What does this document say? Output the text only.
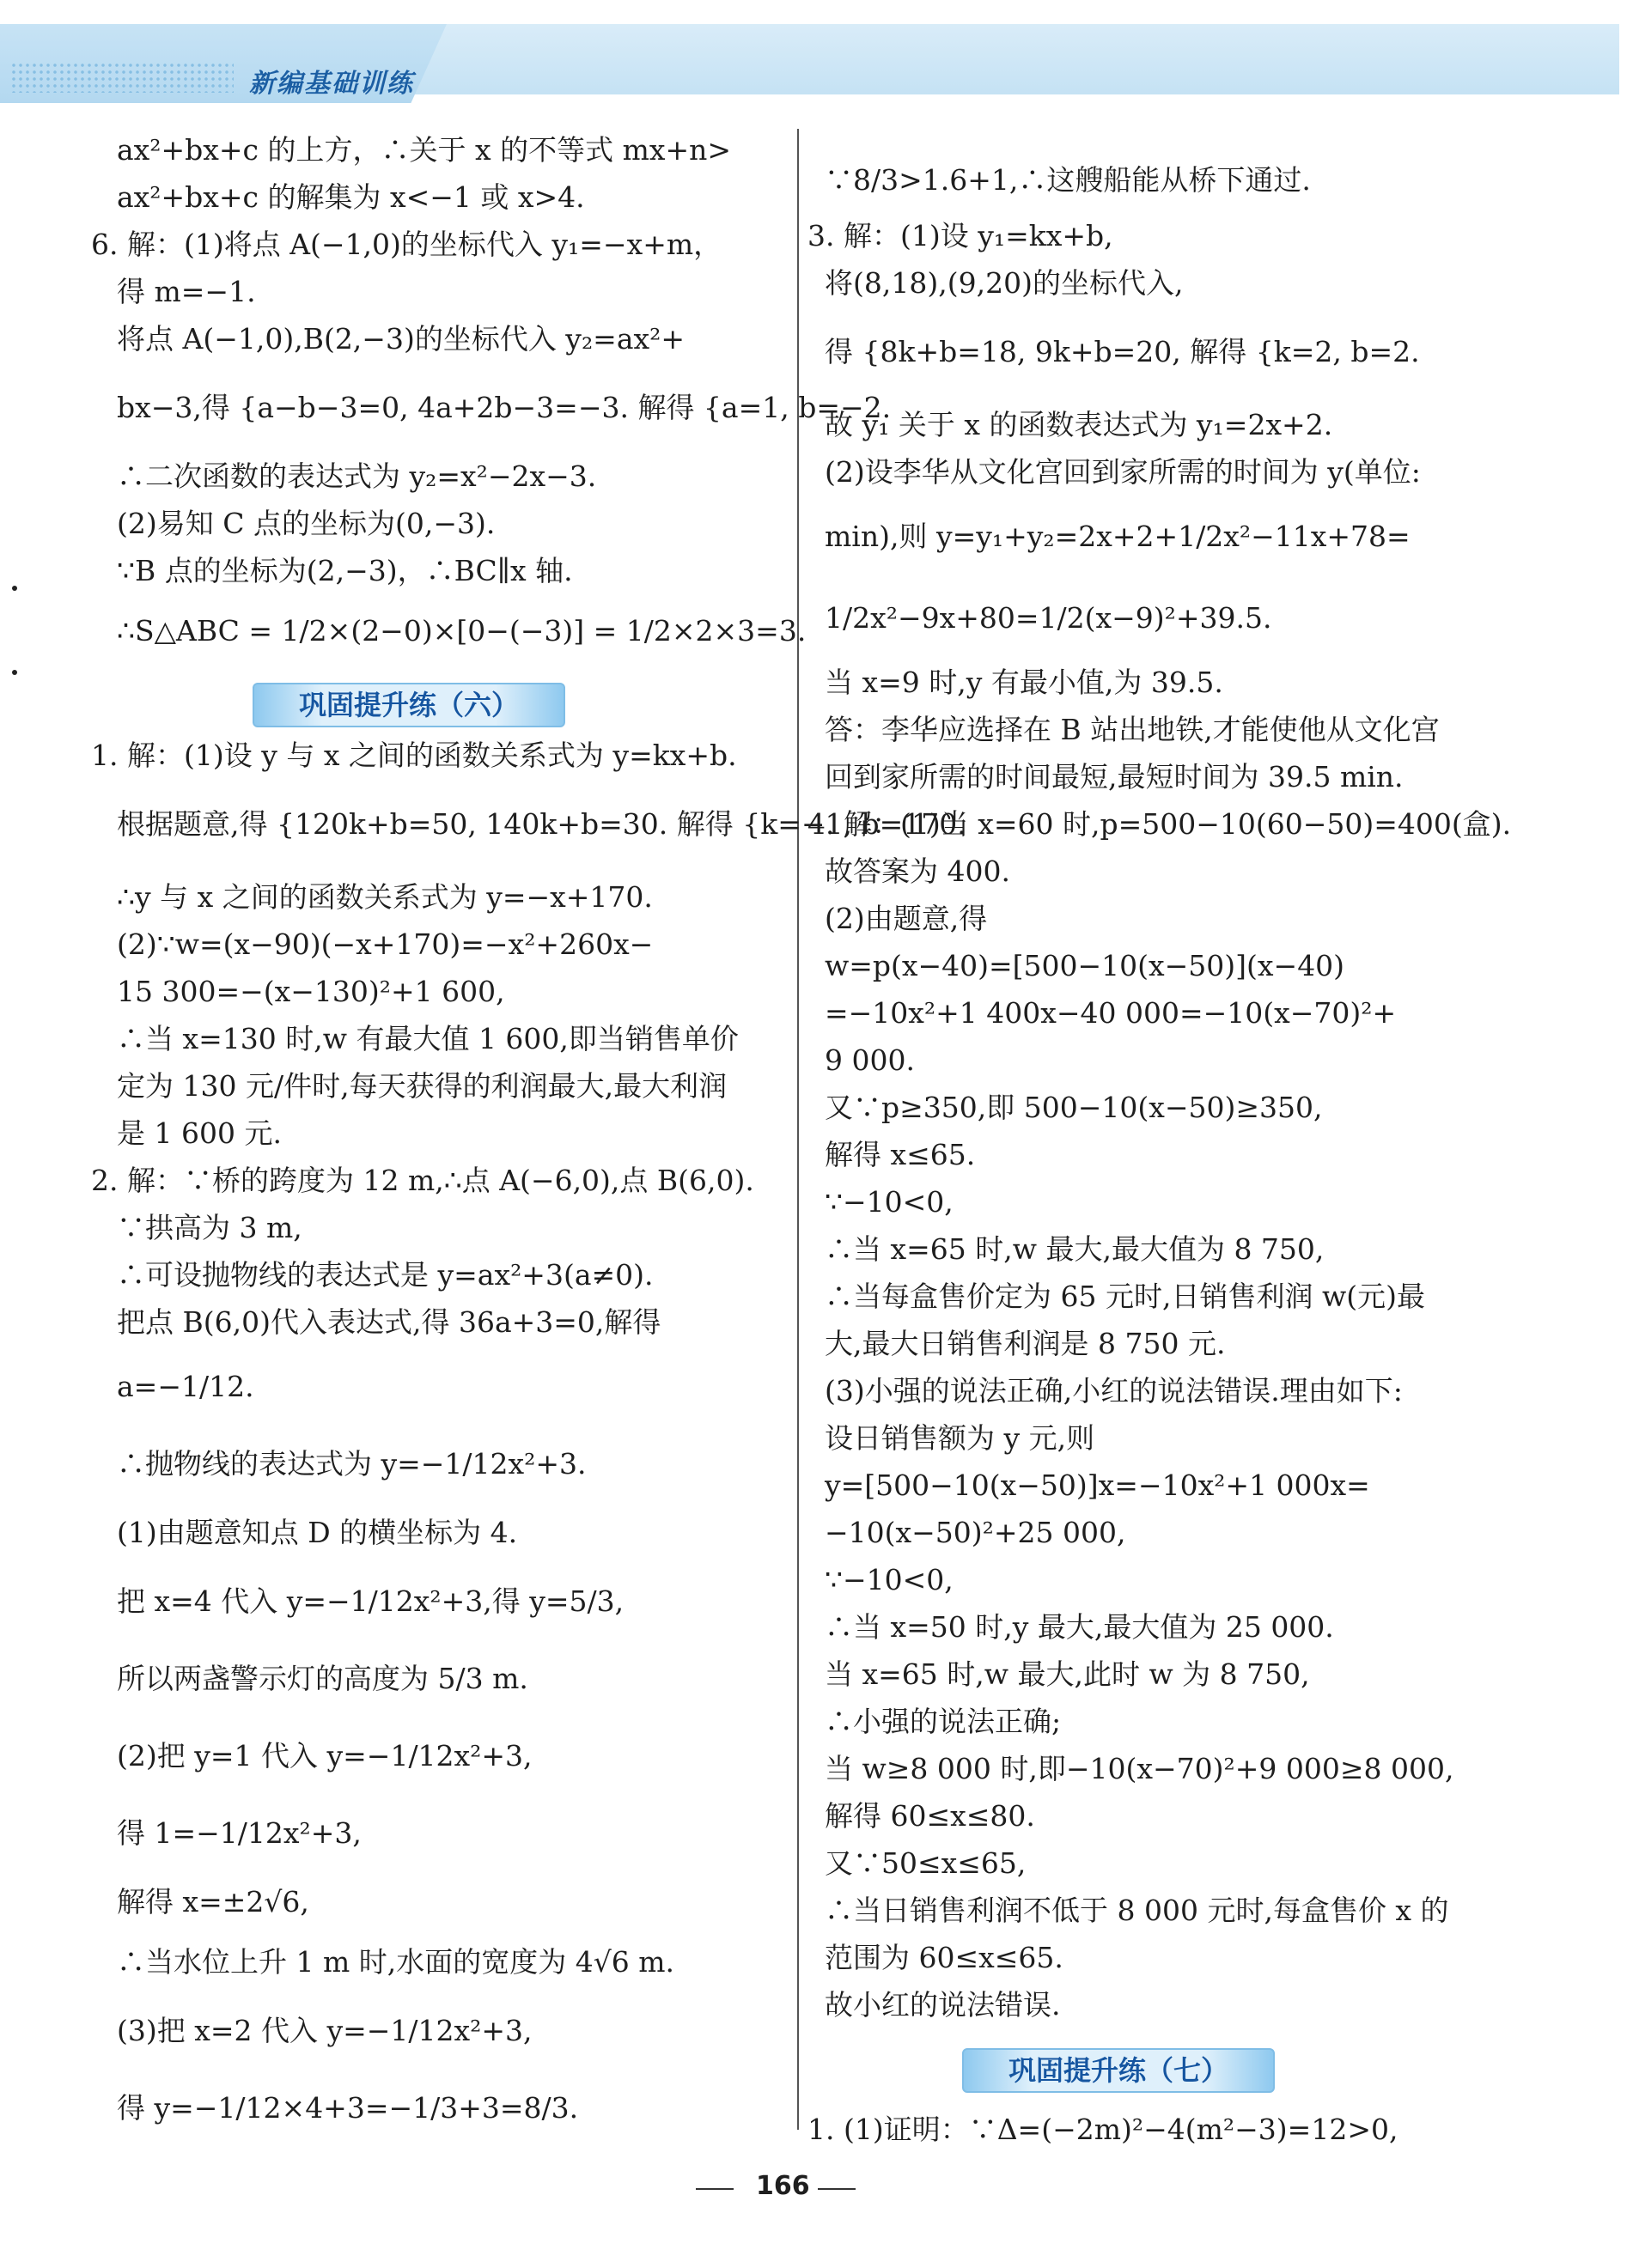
新编基础训练
ax²+bx+c 的上方，∴关于 x 的不等式 mx+n>
ax²+bx+c 的解集为 x<−1 或 x>4.
6. 解：(1)将点 A(−1,0)的坐标代入 y₁=−x+m，
得 m=−1.
将点 A(−1,0),B(2,−3)的坐标代入 y₂=ax²+
bx−3,得 {a−b−3=0, 4a+2b−3=−3. 解得 {a=1, b=−2.
∴二次函数的表达式为 y₂=x²−2x−3.
(2)易知 C 点的坐标为(0,−3).
∵B 点的坐标为(2,−3)，∴BC∥x 轴.
∴S△ABC = 1/2×(2−0)×[0−(−3)] = 1/2×2×3=3.
巩固提升练（六）
1. 解：(1)设 y 与 x 之间的函数关系式为 y=kx+b.
根据题意,得 {120k+b=50, 140k+b=30. 解得 {k=−1, b=170.
∴y 与 x 之间的函数关系式为 y=−x+170.
(2)∵w=(x−90)(−x+170)=−x²+260x−
15 300=−(x−130)²+1 600,
∴当 x=130 时,w 有最大值 1 600,即当销售单价
定为 130 元/件时,每天获得的利润最大,最大利润
是 1 600 元.
2. 解：∵桥的跨度为 12 m,∴点 A(−6,0),点 B(6,0).
∵拱高为 3 m,
∴可设抛物线的表达式是 y=ax²+3(a≠0).
把点 B(6,0)代入表达式,得 36a+3=0,解得
a=−1/12.
∴抛物线的表达式为 y=−1/12x²+3.
(1)由题意知点 D 的横坐标为 4.
把 x=4 代入 y=−1/12x²+3,得 y=5/3,
所以两盏警示灯的高度为 5/3 m.
(2)把 y=1 代入 y=−1/12x²+3,
得 1=−1/12x²+3,
解得 x=±2√6,
∴当水位上升 1 m 时,水面的宽度为 4√6 m.
(3)把 x=2 代入 y=−1/12x²+3,
得 y=−1/12×4+3=−1/3+3=8/3.
∵8/3>1.6+1,∴这艘船能从桥下通过.
3. 解：(1)设 y₁=kx+b,
将(8,18),(9,20)的坐标代入,
得 {8k+b=18, 9k+b=20, 解得 {k=2, b=2.
故 y₁ 关于 x 的函数表达式为 y₁=2x+2.
(2)设李华从文化宫回到家所需的时间为 y(单位:
min),则 y=y₁+y₂=2x+2+1/2x²−11x+78=
1/2x²−9x+80=1/2(x−9)²+39.5.
当 x=9 时,y 有最小值,为 39.5.
答：李华应选择在 B 站出地铁,才能使他从文化宫
回到家所需的时间最短,最短时间为 39.5 min.
4. 解：(1)当 x=60 时,p=500−10(60−50)=400(盒).
故答案为 400.
(2)由题意,得
w=p(x−40)=[500−10(x−50)](x−40)
=−10x²+1 400x−40 000=−10(x−70)²+
9 000.
又∵p≥350,即 500−10(x−50)≥350,
解得 x≤65.
∵−10<0,
∴当 x=65 时,w 最大,最大值为 8 750,
∴当每盒售价定为 65 元时,日销售利润 w(元)最
大,最大日销售利润是 8 750 元.
(3)小强的说法正确,小红的说法错误.理由如下:
设日销售额为 y 元,则
y=[500−10(x−50)]x=−10x²+1 000x=
−10(x−50)²+25 000,
∵−10<0,
∴当 x=50 时,y 最大,最大值为 25 000.
当 x=65 时,w 最大,此时 w 为 8 750,
∴小强的说法正确;
当 w≥8 000 时,即−10(x−70)²+9 000≥8 000,
解得 60≤x≤80.
又∵50≤x≤65,
∴当日销售利润不低于 8 000 元时,每盒售价 x 的
范围为 60≤x≤65.
故小红的说法错误.
巩固提升练（七）
1. (1)证明：∵Δ=(−2m)²−4(m²−3)=12>0,
166
